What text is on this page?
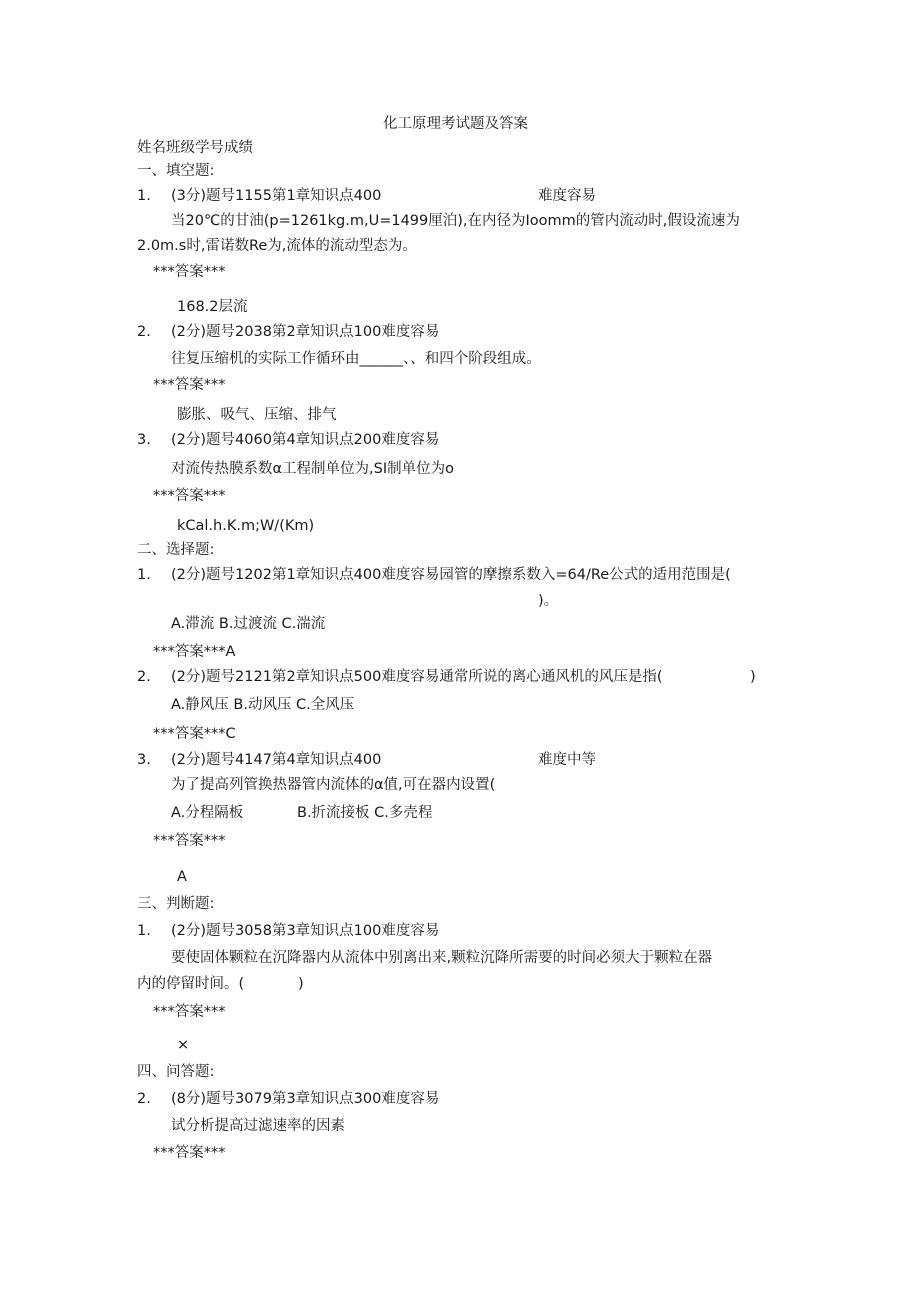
化工原理考试题及答案
姓名班级学号成绩
一、填空题:
1. (3分)题号1155第1章知识点400	难度容易
当20℃的甘油(p=1261kg.m,U=1499厘泊),在内径为Ioomm的管内流动时,假设流速为
2.0m.s时,雷诺数Re为,流体的流动型态为。
***答案***
168.2层流
2. (2分)题号2038第2章知识点100难度容易
往复压缩机的实际工作循环由______、、和四个阶段组成。
***答案***
膨胀、吸气、压缩、排气
3. (2分)题号4060第4章知识点200难度容易
对流传热膜系数α工程制单位为,SI制单位为o
***答案***
kCal.h.K.m;W/(Km)
二、选择题:
1. (2分)题号1202第1章知识点400难度容易园管的摩擦系数入=64/Re公式的适用范围是(
)。
A.滞流 B.过渡流 C.湍流
***答案***A
2. (2分)题号2121第2章知识点500难度容易通常所说的离心通风机的风压是指(	)
A.静风压 B.动风压 C.全风压
***答案***C
3. (2分)题号4147第4章知识点400	难度中等
为了提高列管换热器管内流体的α值,可在器内设置(
A.分程隔板	B.折流接板 C.多壳程
***答案***
A
三、判断题:
1. (2分)题号3058第3章知识点100难度容易
要使固体颗粒在沉降器内从流体中别离出来,颗粒沉降所需要的时间必须大于颗粒在器
内的停留时间。(	)
***答案***
×
四、问答题:
2. (8分)题号3079第3章知识点300难度容易
试分析提高过滤速率的因素
***答案***
